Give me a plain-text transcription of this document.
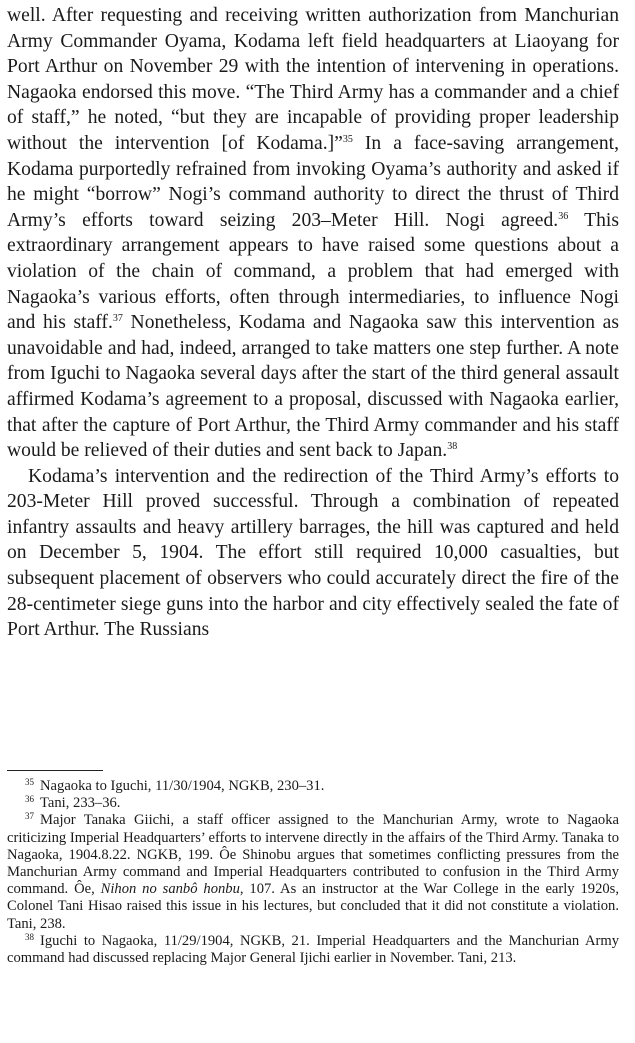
well. After requesting and receiving written authorization from Manchurian Army Commander Oyama, Kodama left field headquarters at Liaoyang for Port Arthur on November 29 with the intention of intervening in operations. Nagaoka endorsed this move. “The Third Army has a commander and a chief of staff,” he noted, “but they are incapable of providing proper leadership without the intervention [of Kodama.]”$^{35}$ In a face-saving arrangement, Kodama purportedly refrained from invoking Oyama’s authority and asked if he might “borrow” Nogi’s command authority to direct the thrust of Third Army’s efforts toward seizing 203–Meter Hill. Nogi agreed.$^{36}$ This extraordinary arrangement appears to have raised some questions about a violation of the chain of command, a problem that had emerged with Nagaoka’s various efforts, often through intermediaries, to influence Nogi and his staff.$^{37}$ Nonetheless, Kodama and Nagaoka saw this intervention as unavoidable and had, indeed, arranged to take matters one step further. A note from Iguchi to Nagaoka several days after the start of the third general assault affirmed Kodama’s agreement to a proposal, discussed with Nagaoka earlier, that after the capture of Port Arthur, the Third Army commander and his staff would be relieved of their duties and sent back to Japan.$^{38}$

Kodama’s intervention and the redirection of the Third Army’s efforts to 203-Meter Hill proved successful. Through a combination of repeated infantry assaults and heavy artillery barrages, the hill was captured and held on December 5, 1904. The effort still required 10,000 casualties, but subsequent placement of observers who could accurately direct the fire of the 28-centimeter siege guns into the harbor and city effectively sealed the fate of Port Arthur. The Russians

$^{35}$ Nagaoka to Iguchi, 11/30/1904, NGKB, 230–31.

$^{36}$ Tani, 233–36.

$^{37}$ Major Tanaka Giichi, a staff officer assigned to the Manchurian Army, wrote to Nagaoka criticizing Imperial Headquarters’ efforts to intervene directly in the affairs of the Third Army. Tanaka to Nagaoka, 1904.8.22. NGKB, 199. Ôe Shinobu argues that sometimes conflicting pressures from the Manchurian Army command and Imperial Headquarters contributed to confusion in the Third Army command. Ôe, Nihon no sanbô honbu, 107. As an instructor at the War College in the early 1920s, Colonel Tani Hisao raised this issue in his lectures, but concluded that it did not constitute a violation. Tani, 238.

$^{38}$ Iguchi to Nagaoka, 11/29/1904, NGKB, 21. Imperial Headquarters and the Manchurian Army command had discussed replacing Major General Ijichi earlier in November. Tani, 213.
